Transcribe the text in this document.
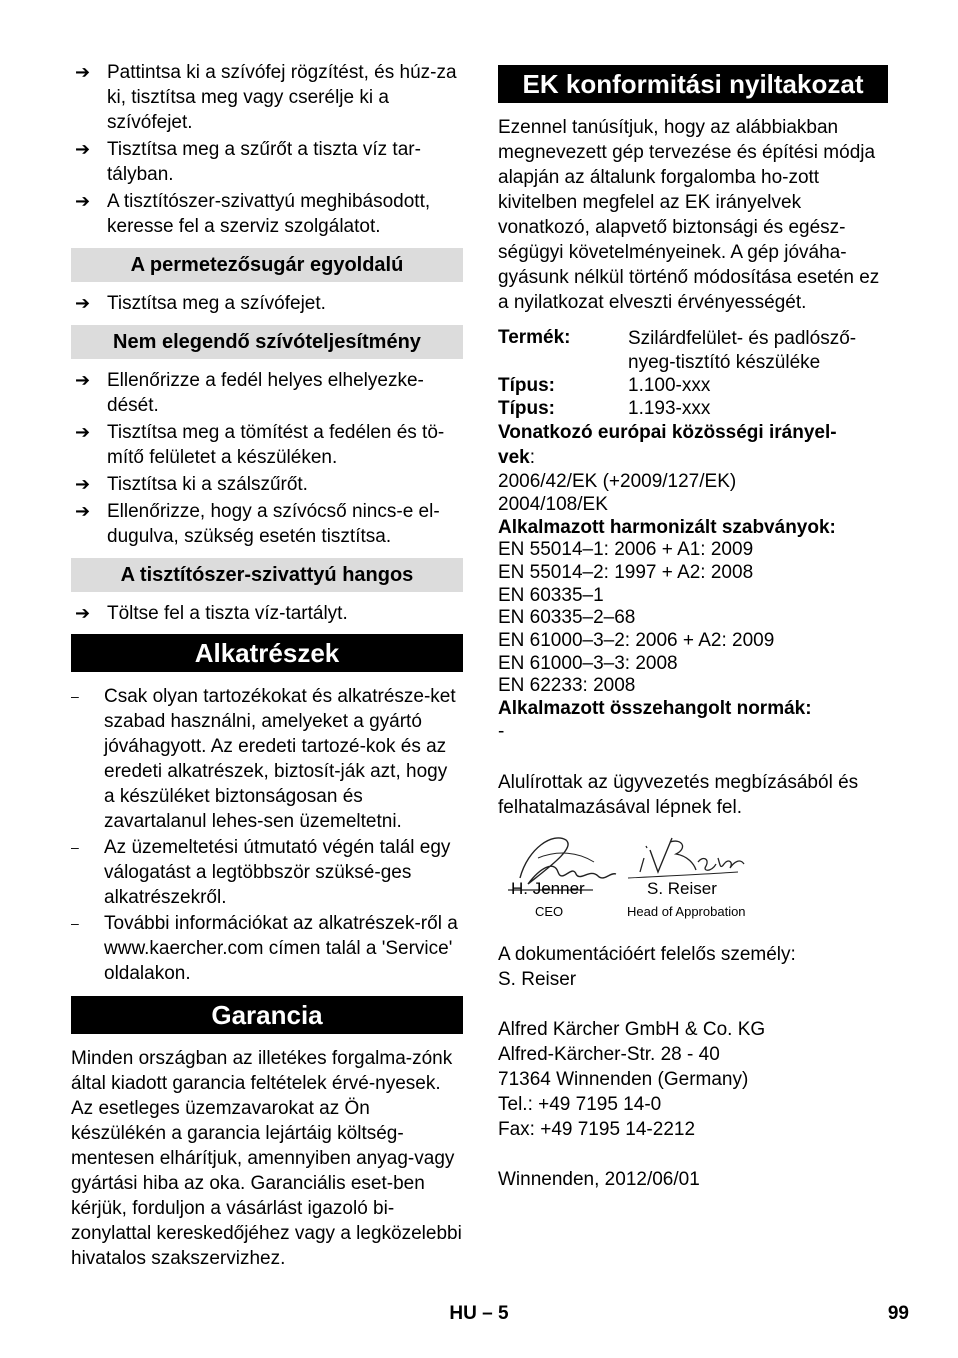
➔ Pattintsa ki a szívófej rögzítést, és húz-za ki, tisztítsa meg vagy cserélje ki a szívófejet.
➔ Tisztítsa meg a szűrőt a tiszta víz tar-tályban.
➔ A tisztítószer-szivattyú meghibásodott, keresse fel a szerviz szolgálatot.
A permetezősugár egyoldalú
➔ Tisztítsa meg a szívófejet.
Nem elegendő szívóteljesítmény
➔ Ellenőrizze a fedél helyes elhelyezke-dését.
➔ Tisztítsa meg a tömítést a fedélen és tö-mítő felületet a készüléken.
➔ Tisztítsa ki a szálszűrőt.
➔ Ellenőrizze, hogy a szívócső nincs-e el-dugulva, szükség esetén tisztítsa.
A tisztítószer-szivattyú hangos
➔ Töltse fel a tiszta víz-tartályt.
Alkatrészek
–	Csak olyan tartozékokat és alkatrésze-ket szabad használni, amelyeket a gyártó jóváhagyott. Az eredeti tartozé-kok és az eredeti alkatrészek, biztosít-ják azt, hogy a készüléket biztonságosan és zavartalanul lehes-sen üzemeltetni.
–	Az üzemeltetési útmutató végén talál egy válogatást a legtöbbször szüksé-ges alkatrészekről.
–	További információkat az alkatrészek-ről a www.kaercher.com címen talál a 'Service' oldalakon.
Garancia
Minden országban az illetékes forgalma-zónk által kiadott garancia feltételek érvé-nyesek. Az esetleges üzemzavarokat az Ön készülékén a garancia lejártáig költség-mentesen elhárítjuk, amennyiben anyag-vagy gyártási hiba az oka. Garanciális eset-ben kérjük, forduljon a vásárlást igazoló bi-zonylattal kereskedőjéhez vagy a legközelebbi hivatalos szakszervizhez.
EK konformitási nyiltakozat
Ezennel tanúsítjuk, hogy az alábbiakban megnevezett gép tervezése és építési módja alapján az általunk forgalomba ho-zott kivitelben megfelel az EK irányelvek vonatkozó, alapvető biztonsági és egész-ségügyi követelményeinek. A gép jóváha-gyásunk nélkül történő módosítása esetén ez a nyilatkozat elveszti érvényességét.
Termék:	Szilárdfelület- és padlósző-
nyeg-tisztító készüléke
Típus:	1.100-xxx
Típus:	1.193-xxx
Vonatkozó európai közösségi irányel-
vek:
2006/42/EK (+2009/127/EK)
2004/108/EK
Alkalmazott harmonizált szabványok:
EN 55014–1: 2006 + A1: 2009
EN 55014–2: 1997 + A2: 2008
EN 60335–1
EN 60335–2–68
EN 61000–3–2: 2006 + A2: 2009
EN 61000–3–3: 2008
EN 62233: 2008
Alkalmazott összehangolt normák:
-
Alulírottak az ügyvezetés megbízásából és felhatalmazásával lépnek fel.
H. Jenner
CEO
S. Reiser
Head of Approbation
A dokumentációért felelős személy:
S. Reiser
Alfred Kärcher GmbH & Co. KG
Alfred-Kärcher-Str. 28 - 40
71364 Winnenden (Germany)
Tel.: +49 7195 14-0
Fax: +49 7195 14-2212
Winnenden, 2012/06/01
HU – 5	99
